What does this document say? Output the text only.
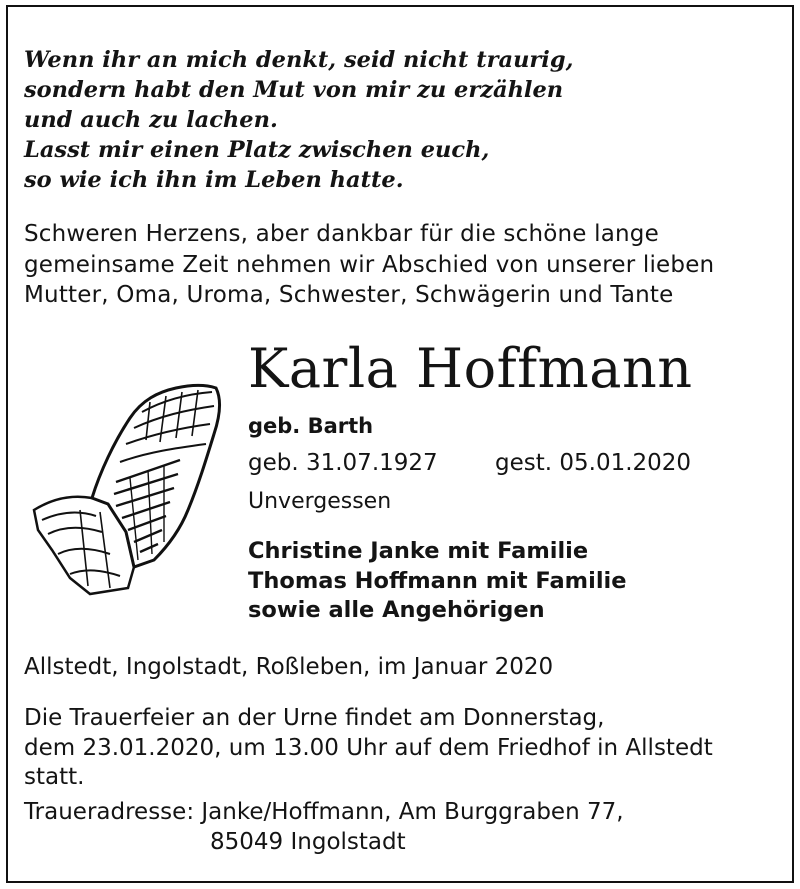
Wenn ihr an mich denkt, seid nicht traurig,
sondern habt den Mut von mir zu erzählen
und auch zu lachen.
Lasst mir einen Platz zwischen euch,
so wie ich ihn im Leben hatte.
Schweren Herzens, aber dankbar für die schöne lange
gemeinsame Zeit nehmen wir Abschied von unserer lieben
Mutter, Oma, Uroma, Schwester, Schwägerin und Tante
Karla Hoffmann
geb. Barth
geb. 31.07.1927 gest. 05.01.2020
Unvergessen
Christine Janke mit Familie
Thomas Hoffmann mit Familie
sowie alle Angehörigen
Allstedt, Ingolstadt, Roßleben, im Januar 2020
Die Trauerfeier an der Urne findet am Donnerstag,
dem 23.01.2020, um 13.00 Uhr auf dem Friedhof in Allstedt
statt.
Traueradresse: Janke/Hoffmann, Am Burggraben 77,
85049 Ingolstadt
